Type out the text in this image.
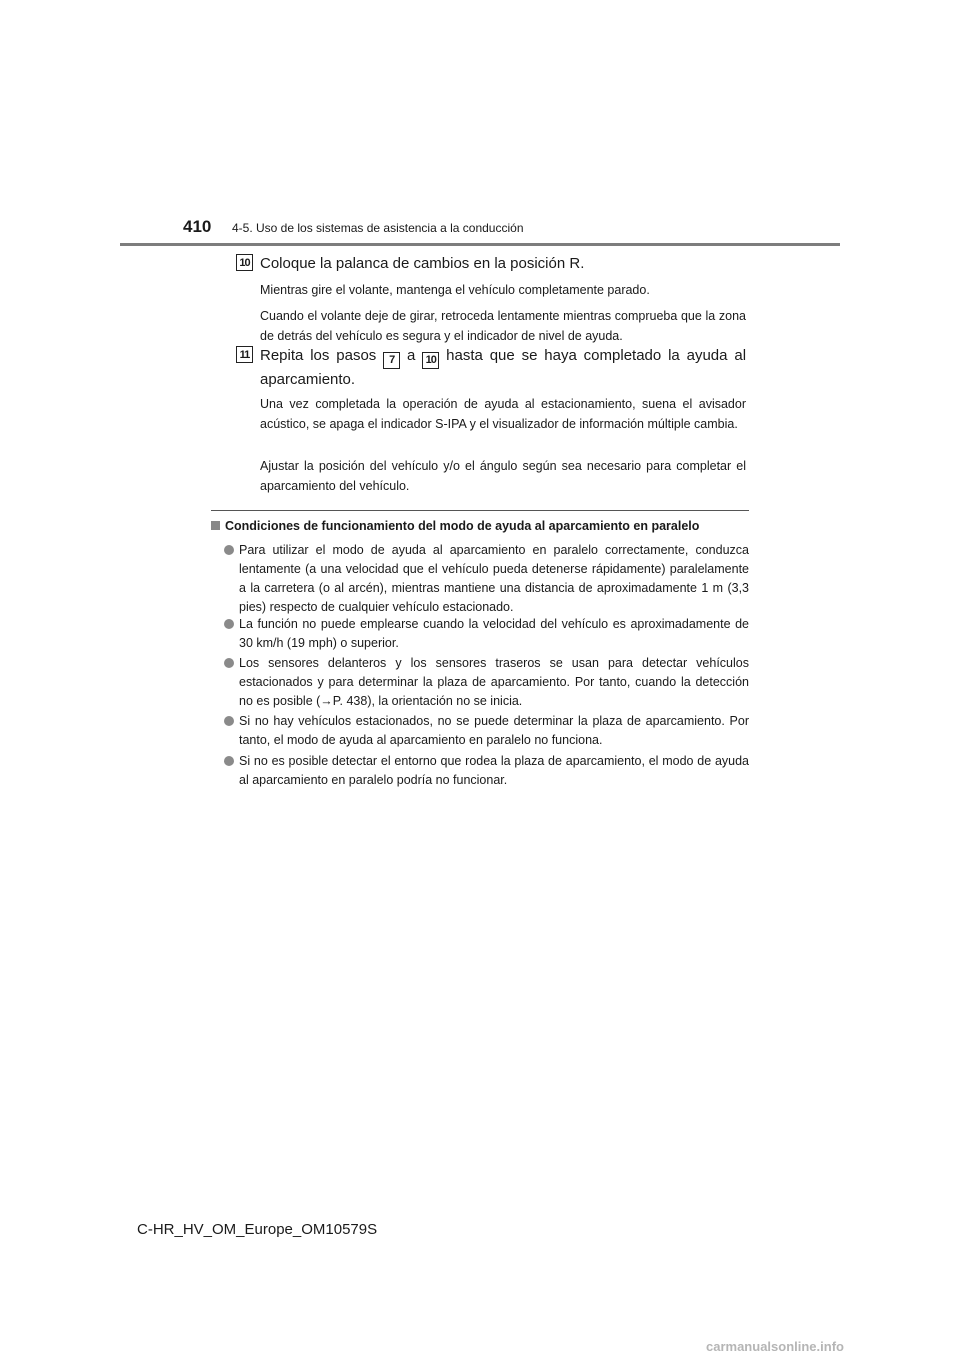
410 4-5. Uso de los sistemas de asistencia a la conducción
10 Coloque la palanca de cambios en la posición R.
Mientras gire el volante, mantenga el vehículo completamente parado.
Cuando el volante deje de girar, retroceda lentamente mientras comprueba que la zona de detrás del vehículo es segura y el indicador de nivel de ayuda.
11 Repita los pasos 7 a 10 hasta que se haya completado la ayuda al aparcamiento.
Una vez completada la operación de ayuda al estacionamiento, suena el avisador acústico, se apaga el indicador S-IPA y el visualizador de información múltiple cambia.
Ajustar la posición del vehículo y/o el ángulo según sea necesario para completar el aparcamiento del vehículo.
Condiciones de funcionamiento del modo de ayuda al aparcamiento en paralelo
Para utilizar el modo de ayuda al aparcamiento en paralelo correctamente, conduzca lentamente (a una velocidad que el vehículo pueda detenerse rápidamente) paralelamente a la carretera (o al arcén), mientras mantiene una distancia de aproximadamente 1 m (3,3 pies) respecto de cualquier vehículo estacionado.
La función no puede emplearse cuando la velocidad del vehículo es aproximadamente de 30 km/h (19 mph) o superior.
Los sensores delanteros y los sensores traseros se usan para detectar vehículos estacionados y para determinar la plaza de aparcamiento. Por tanto, cuando la detección no es posible (→P. 438), la orientación no se inicia.
Si no hay vehículos estacionados, no se puede determinar la plaza de aparcamiento. Por tanto, el modo de ayuda al aparcamiento en paralelo no funciona.
Si no es posible detectar el entorno que rodea la plaza de aparcamiento, el modo de ayuda al aparcamiento en paralelo podría no funcionar.
C-HR_HV_OM_Europe_OM10579S
carmanualsonline.info
